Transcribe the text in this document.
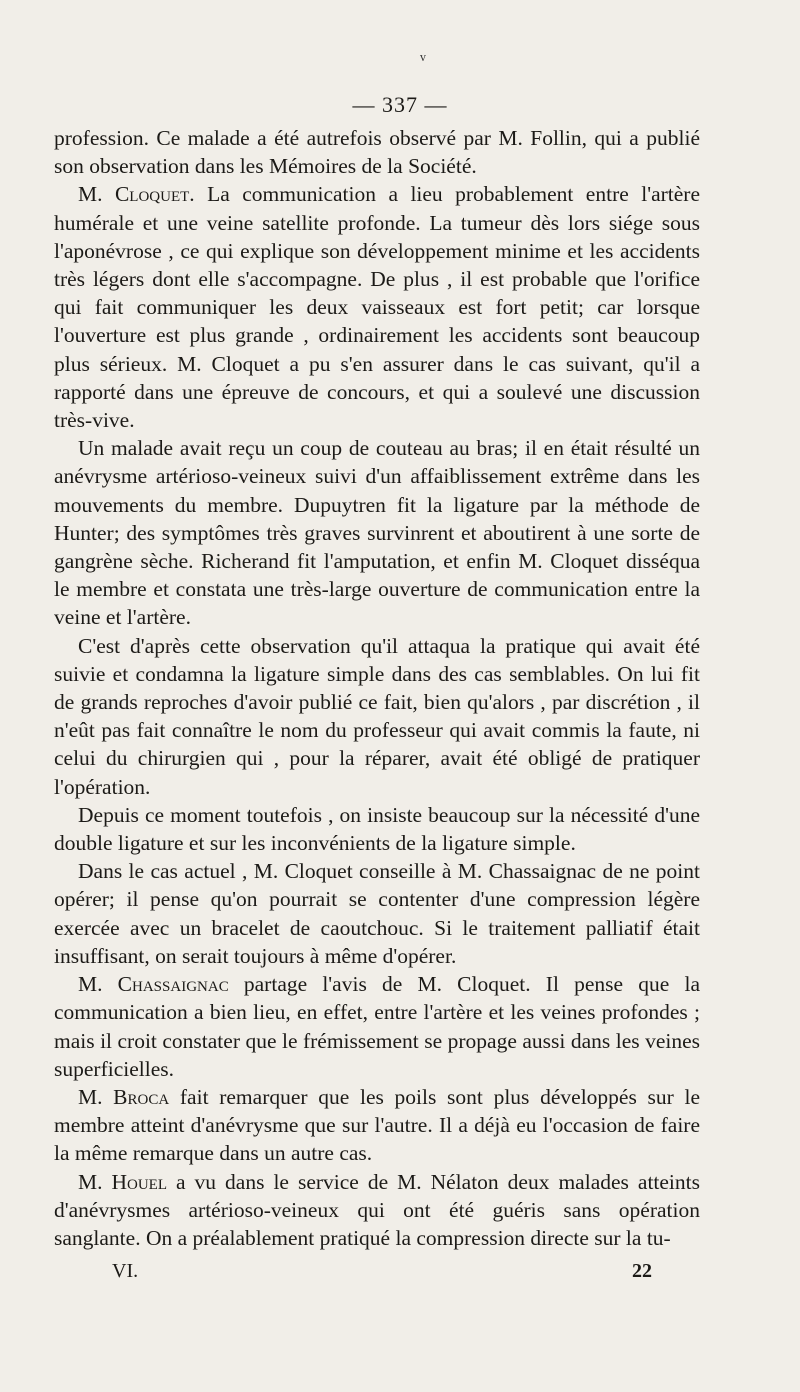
ᵥ
— 337 —

profession. Ce malade a été autrefois observé par M. Follin, qui a publié son observation dans les Mémoires de la Société.

M. Cloquet. La communication a lieu probablement entre l'artère humérale et une veine satellite profonde. La tumeur dès lors siége sous l'aponévrose , ce qui explique son développement minime et les accidents très légers dont elle s'accompagne. De plus , il est probable que l'orifice qui fait communiquer les deux vaisseaux est fort petit; car lorsque l'ouverture est plus grande , ordinairement les accidents sont beaucoup plus sérieux. M. Cloquet a pu s'en assurer dans le cas suivant, qu'il a rapporté dans une épreuve de concours, et qui a soulevé une discussion très-vive.

Un malade avait reçu un coup de couteau au bras; il en était résulté un anévrysme artérioso-veineux suivi d'un affaiblissement extrême dans les mouvements du membre. Dupuytren fit la ligature par la méthode de Hunter; des symptômes très graves survinrent et aboutirent à une sorte de gangrène sèche. Richerand fit l'amputation, et enfin M. Cloquet disséqua le membre et constata une très-large ouverture de communication entre la veine et l'artère.

C'est d'après cette observation qu'il attaqua la pratique qui avait été suivie et condamna la ligature simple dans des cas semblables. On lui fit de grands reproches d'avoir publié ce fait, bien qu'alors , par discrétion , il n'eût pas fait connaître le nom du professeur qui avait commis la faute, ni celui du chirurgien qui , pour la réparer, avait été obligé de pratiquer l'opération.

Depuis ce moment toutefois , on insiste beaucoup sur la nécessité d'une double ligature et sur les inconvénients de la ligature simple.

Dans le cas actuel , M. Cloquet conseille à M. Chassaignac de ne point opérer; il pense qu'on pourrait se contenter d'une compression légère exercée avec un bracelet de caoutchouc. Si le traitement palliatif était insuffisant, on serait toujours à même d'opérer.

M. Chassaignac partage l'avis de M. Cloquet. Il pense que la communication a bien lieu, en effet, entre l'artère et les veines profondes ; mais il croit constater que le frémissement se propage aussi dans les veines superficielles.

M. Broca fait remarquer que les poils sont plus développés sur le membre atteint d'anévrysme que sur l'autre. Il a déjà eu l'occasion de faire la même remarque dans un autre cas.

M. Houel a vu dans le service de M. Nélaton deux malades atteints d'anévrysmes artérioso-veineux qui ont été guéris sans opération sanglante. On a préalablement pratiqué la compression directe sur la tu-

VI.	22
